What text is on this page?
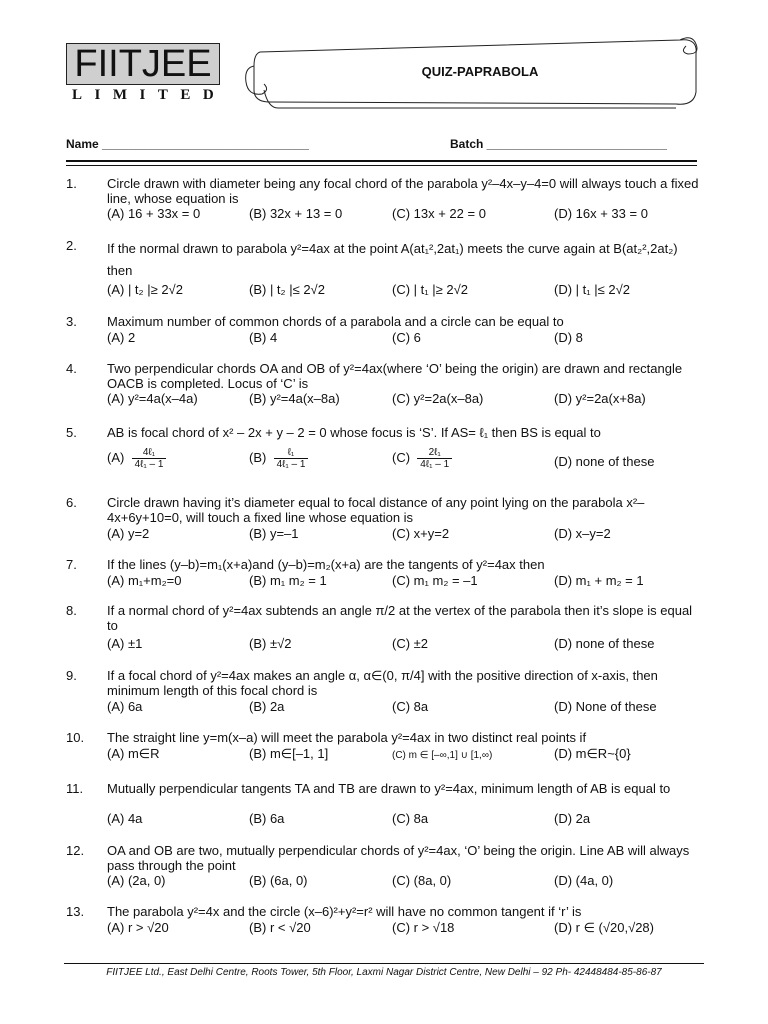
FIITJEE
LIMITED
QUIZ-PAPRABOLA
Name _______________________________	Batch ___________________________
1. Circle drawn with diameter being any focal chord of the parabola y²–4x–y–4=0 will always touch a fixed line, whose equation is
(A) 16 + 33x = 0	(B) 32x + 13 = 0	(C) 13x + 22 = 0	(D) 16x + 33 = 0
2. If the normal drawn to parabola y²=4ax at the point A(at₁²,2at₁) meets the curve again at B(at₂²,2at₂) then
(A) | t₂ |≥ 2√2	(B) | t₂ |≤ 2√2	(C) | t₁ |≥ 2√2	(D) | t₁ |≤ 2√2
3. Maximum number of common chords of a parabola and a circle can be equal to
(A) 2	(B) 4	(C) 6	(D) 8
4. Two perpendicular chords OA and OB of y²=4ax(where ‘O’ being the origin) are drawn and rectangle OACB is completed. Locus of ‘C’ is
(A) y²=4a(x–4a)	(B) y²=4a(x–8a)	(C) y²=2a(x–8a)	(D) y²=2a(x+8a)
5. AB is focal chord of x² – 2x + y – 2 = 0 whose focus is ‘S’. If AS= ℓ₁ then BS is equal to
$(A) \frac{\text{4ℓ₁}}{\text{4ℓ₁ – 1}}$	$(B) \frac{\text{ℓ₁}}{\text{4ℓ₁ – 1}}$	$(C) \frac{\text{2ℓ₁}}{\text{4ℓ₁ – 1}}$	(D) none of these
6. Circle drawn having it’s diameter equal to focal distance of any point lying on the parabola x²–4x+6y+10=0, will touch a fixed line whose equation is
(A) y=2	(B) y=–1	(C) x+y=2	(D) x–y=2
7. If the lines (y–b)=m₁(x+a)and (y–b)=m₂(x+a) are the tangents of y²=4ax then
(A) m₁+m₂=0	(B) m₁ m₂ = 1	(C) m₁ m₂ = –1	(D) m₁ + m₂ = 1
8. If a normal chord of y²=4ax subtends an angle π/2 at the vertex of the parabola then it’s slope is equal to
(A) ±1	(B) ±√2	(C) ±2	(D) none of these
9. If a focal chord of y²=4ax makes an angle α, α∈(0, π/4] with the positive direction of x-axis, then minimum length of this focal chord is
(A) 6a	(B) 2a	(C) 8a	(D) None of these
10. The straight line y=m(x–a) will meet the parabola y²=4ax in two distinct real points if
(A) m∈R	(B) m∈[–1, 1]	(C) m ∈ [–∞,1] ∪ [1,∞)	(D) m∈R~{0}
11. Mutually perpendicular tangents TA and TB are drawn to y²=4ax, minimum length of AB is equal to
(A) 4a	(B) 6a	(C) 8a	(D) 2a
12. OA and OB are two, mutually perpendicular chords of y²=4ax, ‘O’ being the origin. Line AB will always pass through the point
(A) (2a, 0)	(B) (6a, 0)	(C) (8a, 0)	(D) (4a, 0)
13. The parabola y²=4x and the circle (x–6)²+y²=r² will have no common tangent if ‘r’ is
(A) r > √20	(B) r < √20	(C) r > √18	(D) r ∈ (√20,√28)
FIITJEE Ltd., East Delhi Centre, Roots Tower, 5th Floor, Laxmi Nagar District Centre, New Delhi – 92 Ph- 42448484-85-86-87
